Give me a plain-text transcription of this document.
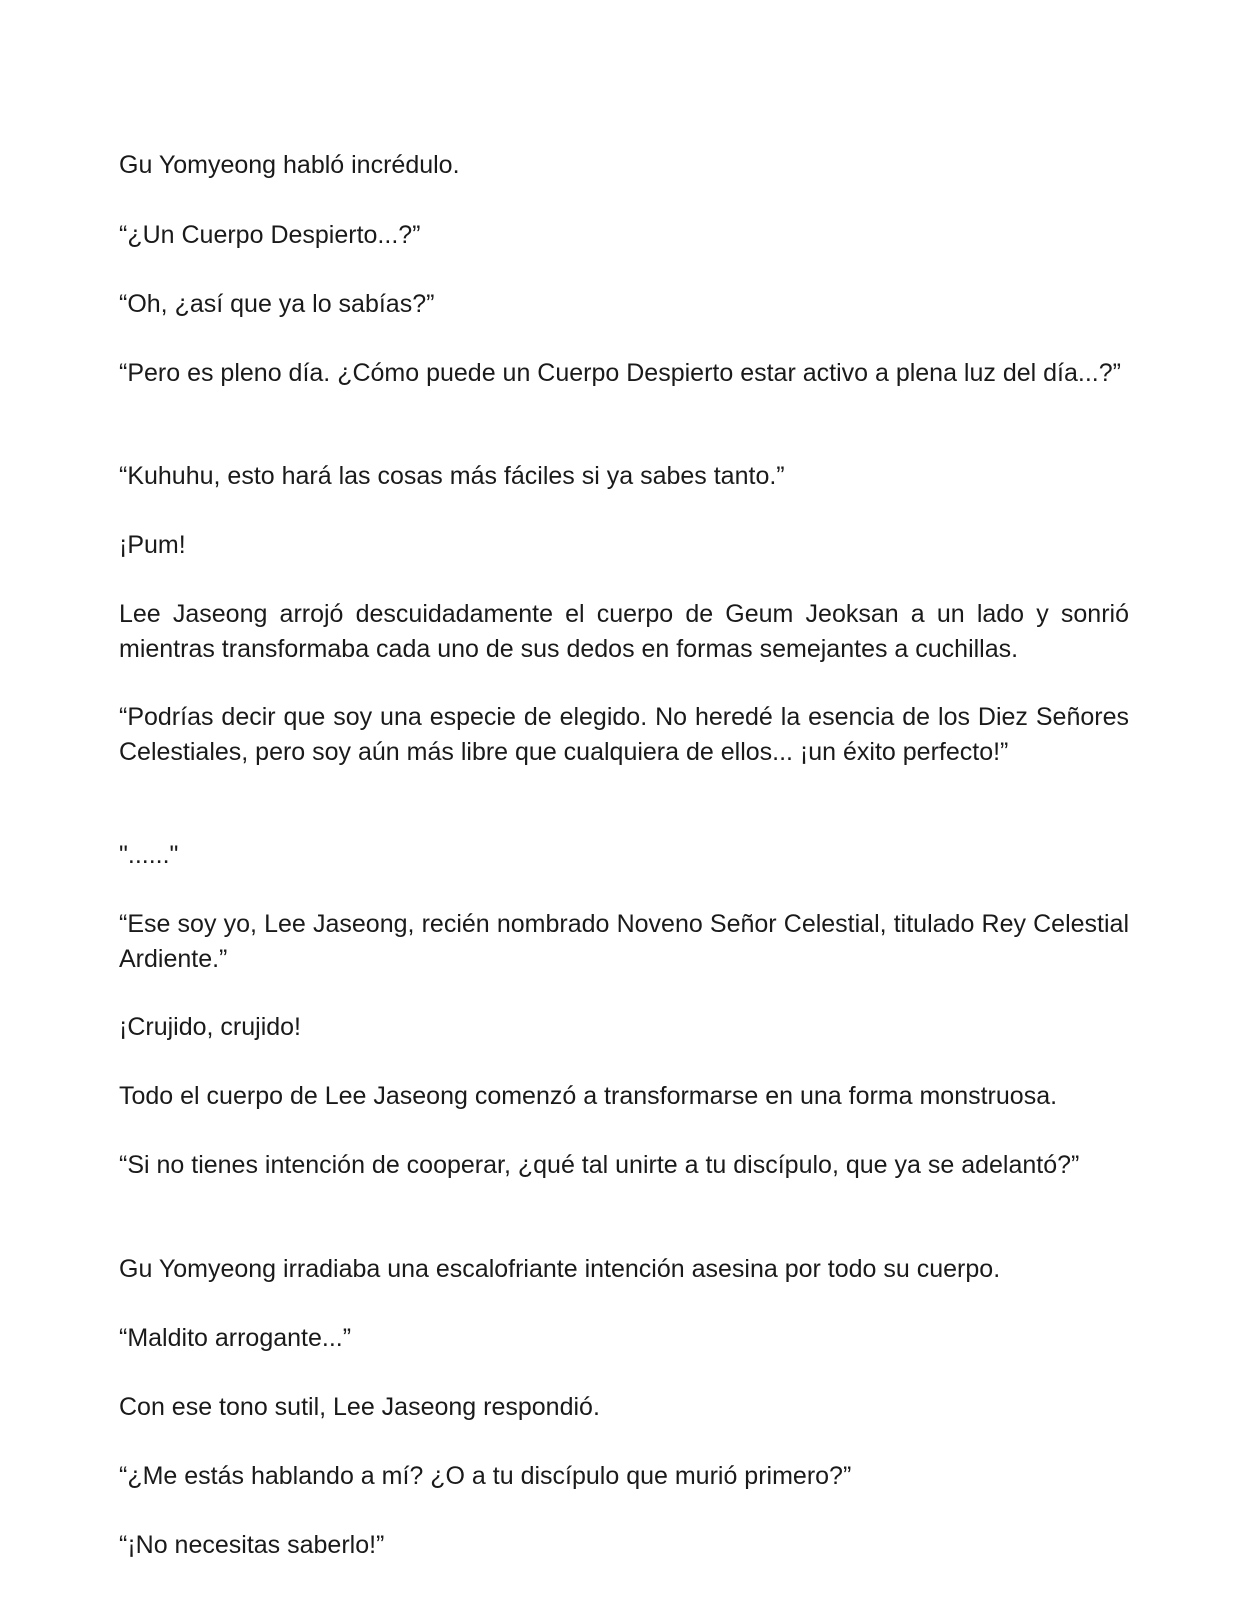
Gu Yomyeong habló incrédulo.

“¿Un Cuerpo Despierto...?”

“Oh, ¿así que ya lo sabías?”

“Pero es pleno día. ¿Cómo puede un Cuerpo Despierto estar activo a plena luz del día...?”

“Kuhuhu, esto hará las cosas más fáciles si ya sabes tanto.”

¡Pum!

Lee Jaseong arrojó descuidadamente el cuerpo de Geum Jeoksan a un lado y sonrió mientras transformaba cada uno de sus dedos en formas semejantes a cuchillas.

“Podrías decir que soy una especie de elegido. No heredé la esencia de los Diez Señores Celestiales, pero soy aún más libre que cualquiera de ellos... ¡un éxito perfecto!”

"......"

“Ese soy yo, Lee Jaseong, recién nombrado Noveno Señor Celestial, titulado Rey Celestial Ardiente.”

¡Crujido, crujido!

Todo el cuerpo de Lee Jaseong comenzó a transformarse en una forma monstruosa.

“Si no tienes intención de cooperar, ¿qué tal unirte a tu discípulo, que ya se adelantó?”

Gu Yomyeong irradiaba una escalofriante intención asesina por todo su cuerpo.

“Maldito arrogante...”

Con ese tono sutil, Lee Jaseong respondió.

“¿Me estás hablando a mí? ¿O a tu discípulo que murió primero?”

“¡No necesitas saberlo!”
